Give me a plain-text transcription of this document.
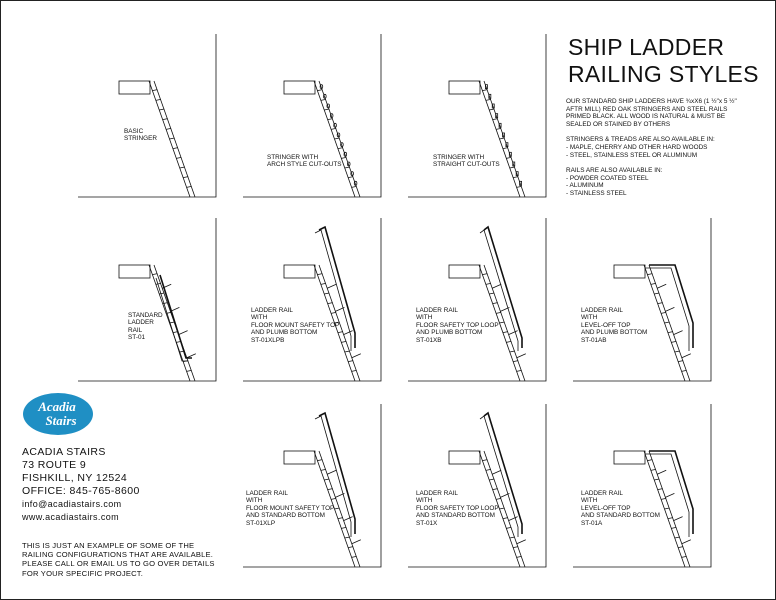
SHIP LADDER
RAILING STYLES

OUR STANDARD SHIP LADDERS HAVE ¾xX6 (1 ½"x 5 ½"
AFTR MILL) RED OAK STRINGERS AND STEEL RAILS
PRIMED BLACK. ALL WOOD IS NATURAL & MUST BE
SEALED OR STAINED BY OTHERS

STRINGERS & TREADS ARE ALSO AVAILABLE IN:
- MAPLE, CHERRY AND OTHER HARD WOODS
- STEEL, STAINLESS STEEL OR ALUMINUM

RAILS ARE ALSO AVAILABLE IN:
- POWDER COATED STEEL
- ALUMINUM
- STAINLESS STEEL

BASIC
STRINGER
STRINGER WITH
ARCH STYLE CUT-OUTS
STRINGER WITH
STRAIGHT CUT-OUTS
STANDARD
LADDER
RAIL
ST-01
LADDER RAIL
WITH
FLOOR MOUNT SAFETY TOP
AND PLUMB BOTTOM
ST-01XLPB
LADDER RAIL
WITH
FLOOR SAFETY TOP LOOP
AND PLUMB BOTTOM
ST-01XB
LADDER RAIL
WITH
LEVEL-OFF TOP
AND PLUMB BOTTOM
ST-01AB
LADDER RAIL
WITH
FLOOR MOUNT SAFETY TOP
AND STANDARD BOTTOM
ST-01XLP
LADDER RAIL
WITH
FLOOR SAFETY TOP LOOP
AND STANDARD BOTTOM
ST-01X
LADDER RAIL
WITH
LEVEL-OFF TOP
AND STANDARD BOTTOM
ST-01A
Acadia
Stairs
ACADIA STAIRS
73 ROUTE 9
FISHKILL, NY 12524
OFFICE: 845-765-8600
info@acadiastairs.com
www.acadiastairs.com
THIS IS JUST AN EXAMPLE OF SOME OF THE
RAILING CONFIGURATIONS THAT ARE AVAILABLE.
PLEASE CALL OR EMAIL US TO GO OVER DETAILS
FOR YOUR SPECIFIC PROJECT.
